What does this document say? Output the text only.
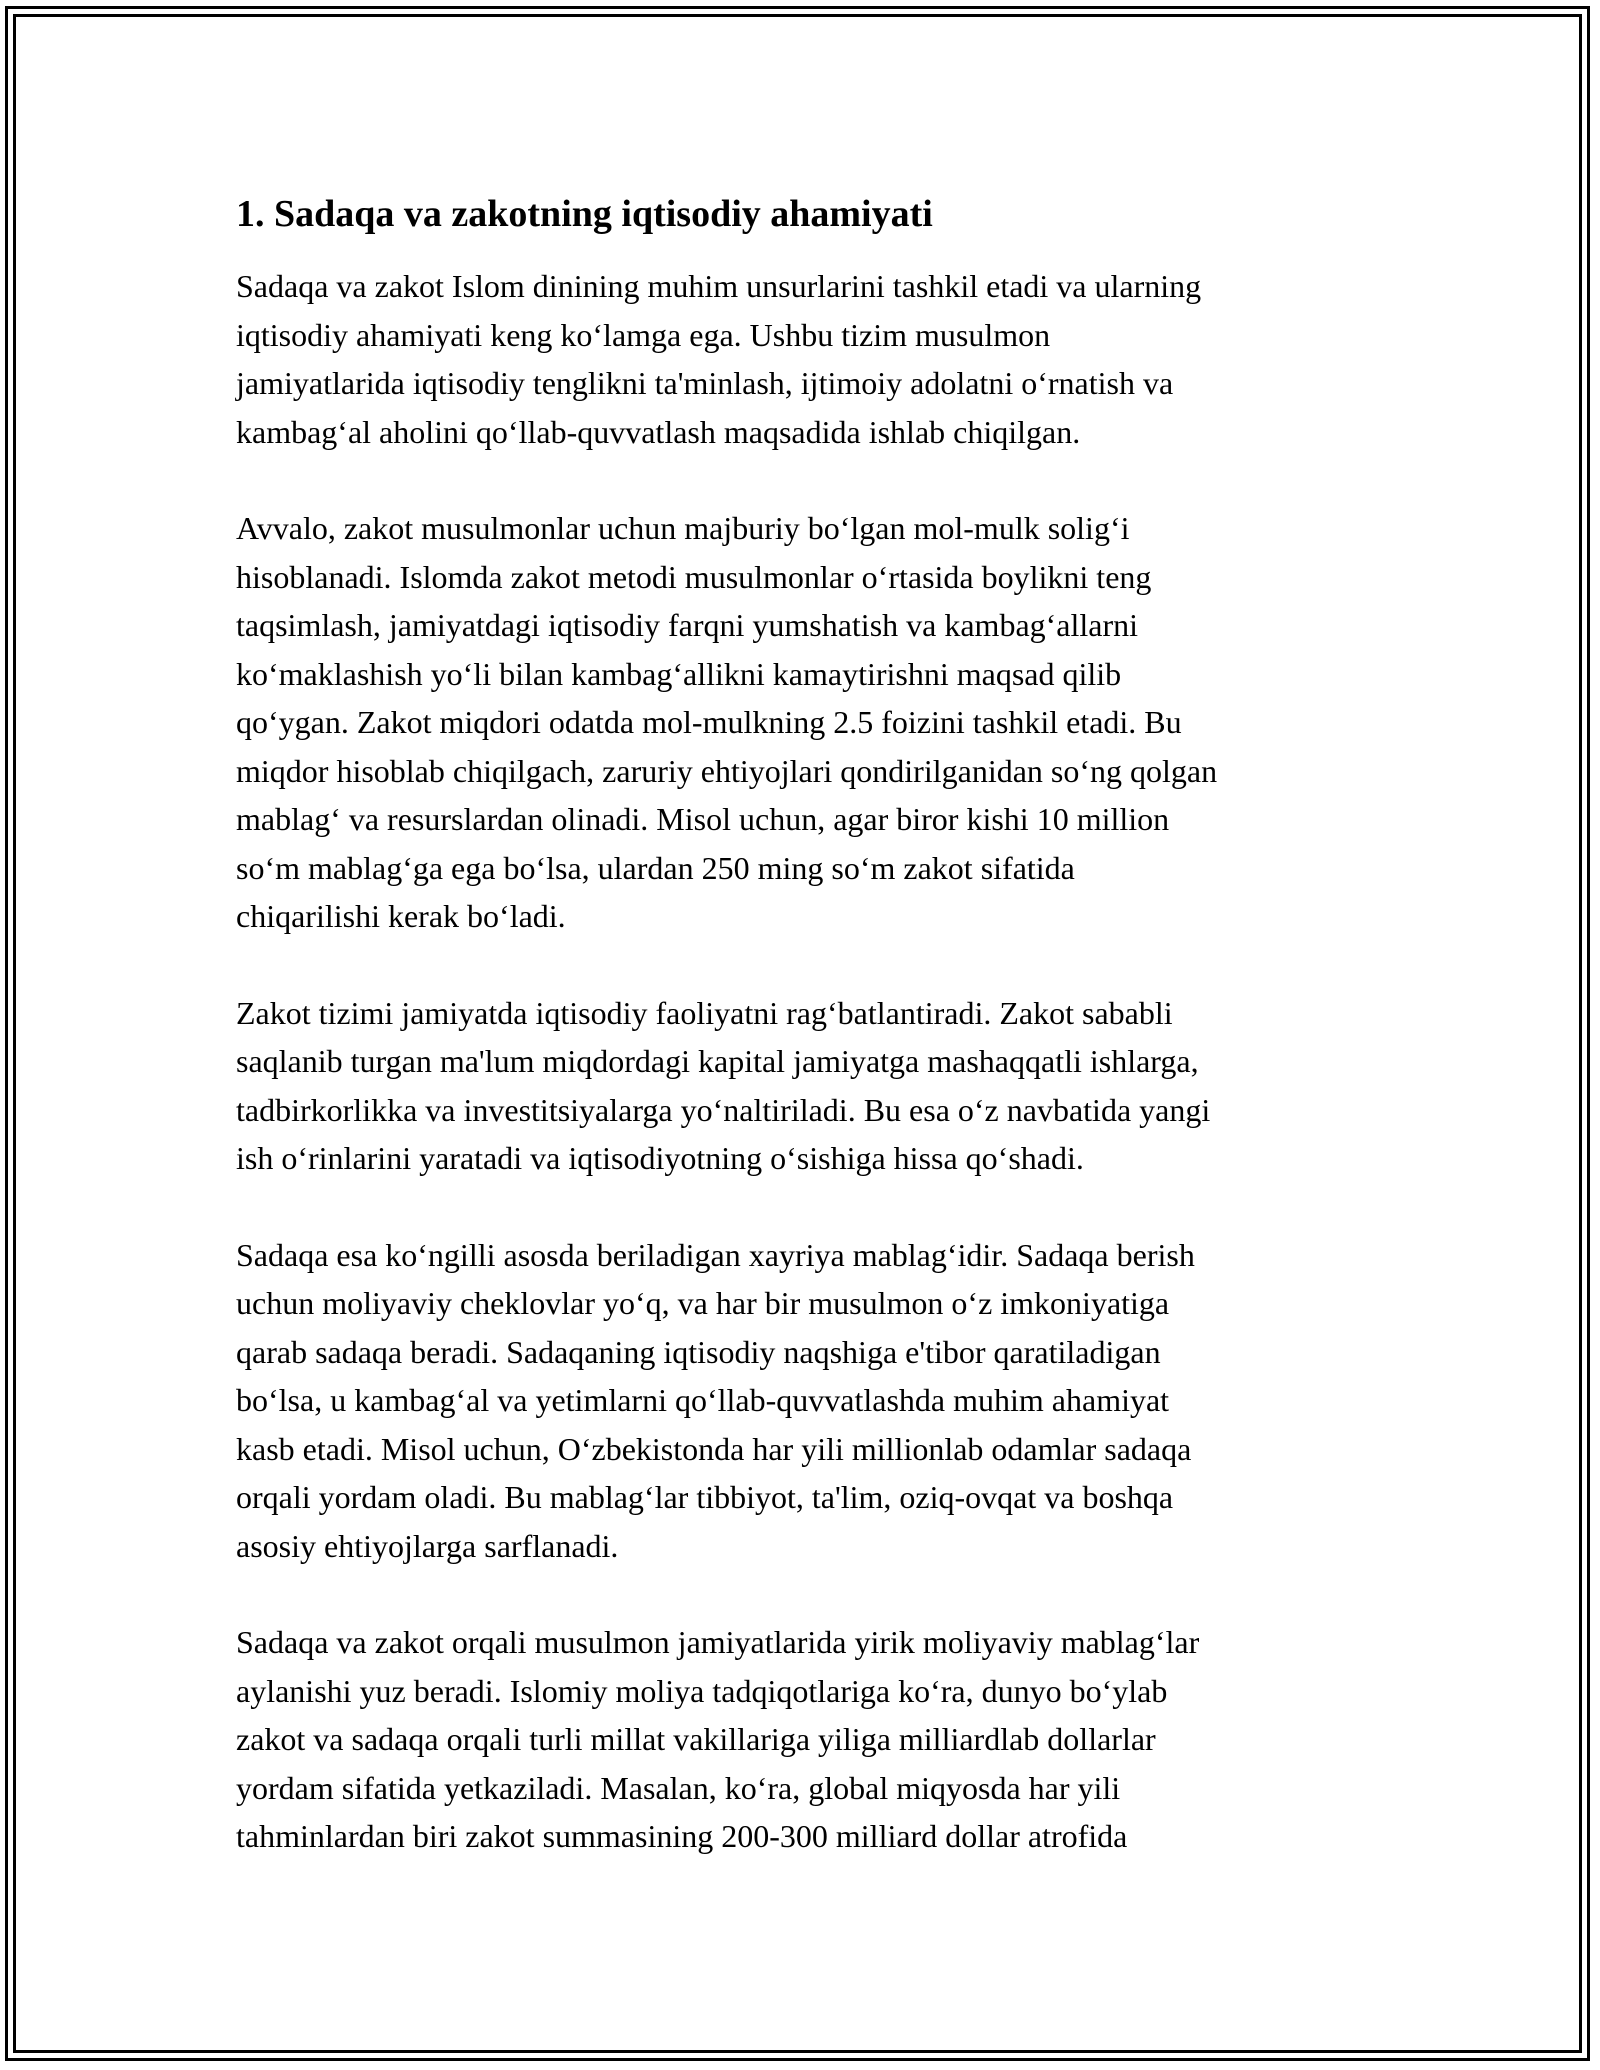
1. Sadaqa va zakotning iqtisodiy ahamiyati

Sadaqa va zakot Islom dinining muhim unsurlarini tashkil etadi va ularning
iqtisodiy ahamiyati keng ko‘lamga ega. Ushbu tizim musulmon
jamiyatlarida iqtisodiy tenglikni ta'minlash, ijtimoiy adolatni o‘rnatish va
kambag‘al aholini qo‘llab-quvvatlash maqsadida ishlab chiqilgan.

Avvalo, zakot musulmonlar uchun majburiy bo‘lgan mol-mulk solig‘i
hisoblanadi. Islomda zakot metodi musulmonlar o‘rtasida boylikni teng
taqsimlash, jamiyatdagi iqtisodiy farqni yumshatish va kambag‘allarni
ko‘maklashish yo‘li bilan kambag‘allikni kamaytirishni maqsad qilib
qo‘ygan. Zakot miqdori odatda mol-mulkning 2.5 foizini tashkil etadi. Bu
miqdor hisoblab chiqilgach, zaruriy ehtiyojlari qondirilganidan so‘ng qolgan
mablag‘ va resurslardan olinadi. Misol uchun, agar biror kishi 10 million
so‘m mablag‘ga ega bo‘lsa, ulardan 250 ming so‘m zakot sifatida
chiqarilishi kerak bo‘ladi.

Zakot tizimi jamiyatda iqtisodiy faoliyatni rag‘batlantiradi. Zakot sababli
saqlanib turgan ma'lum miqdordagi kapital jamiyatga mashaqqatli ishlarga,
tadbirkorlikka va investitsiyalarga yo‘naltiriladi. Bu esa o‘z navbatida yangi
ish o‘rinlarini yaratadi va iqtisodiyotning o‘sishiga hissa qo‘shadi.

Sadaqa esa ko‘ngilli asosda beriladigan xayriya mablag‘idir. Sadaqa berish
uchun moliyaviy cheklovlar yo‘q, va har bir musulmon o‘z imkoniyatiga
qarab sadaqa beradi. Sadaqaning iqtisodiy naqshiga e'tibor qaratiladigan
bo‘lsa, u kambag‘al va yetimlarni qo‘llab-quvvatlashda muhim ahamiyat
kasb etadi. Misol uchun, O‘zbekistonda har yili millionlab odamlar sadaqa
orqali yordam oladi. Bu mablag‘lar tibbiyot, ta'lim, oziq-ovqat va boshqa
asosiy ehtiyojlarga sarflanadi.

Sadaqa va zakot orqali musulmon jamiyatlarida yirik moliyaviy mablag‘lar
aylanishi yuz beradi. Islomiy moliya tadqiqotlariga ko‘ra, dunyo bo‘ylab
zakot va sadaqa orqali turli millat vakillariga yiliga milliardlab dollarlar
yordam sifatida yetkaziladi. Masalan, ko‘ra, global miqyosda har yili
tahminlardan biri zakot summasining 200-300 milliard dollar atrofida
